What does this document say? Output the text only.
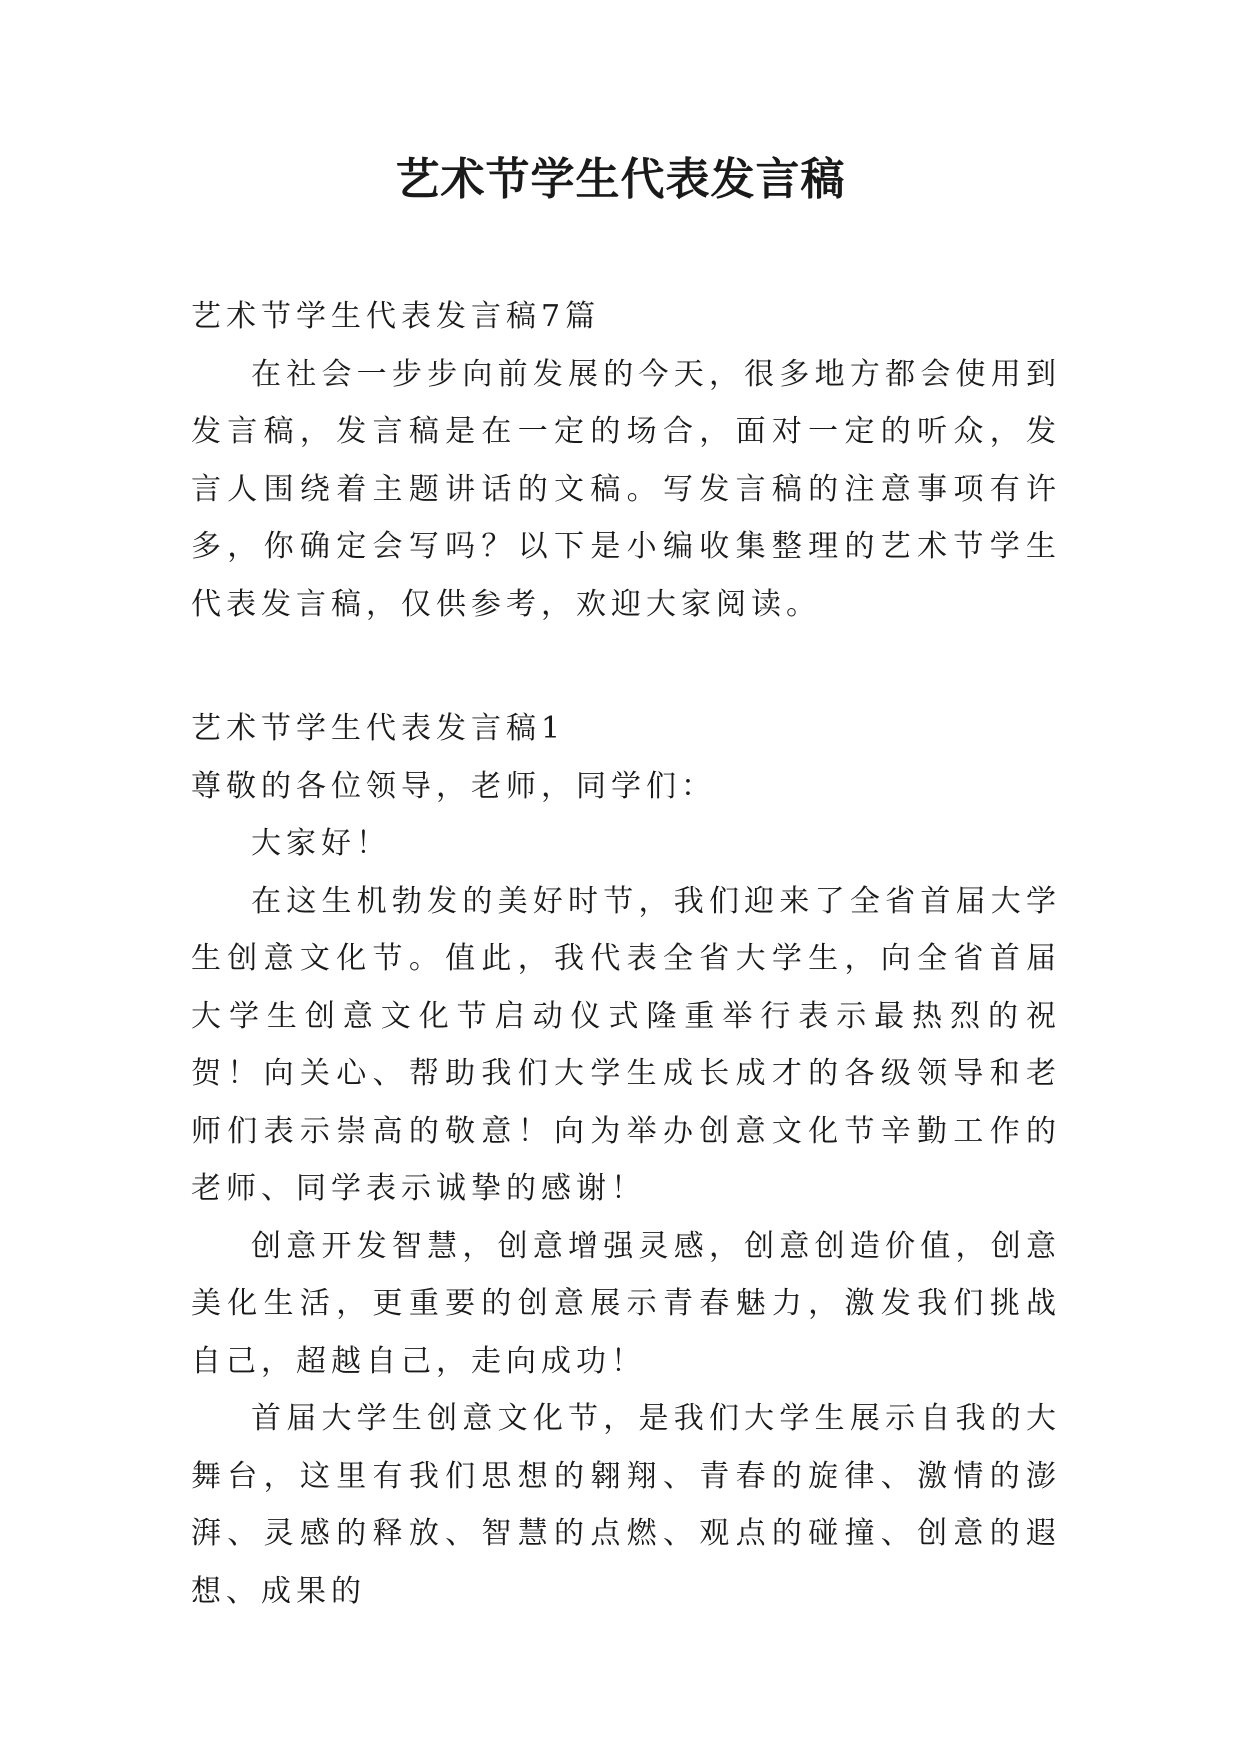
艺术节学生代表发言稿

艺术节学生代表发言稿7篇

在社会一步步向前发展的今天，很多地方都会使用到发言稿，发言稿是在一定的场合，面对一定的听众，发言人围绕着主题讲话的文稿。写发言稿的注意事项有许多，你确定会写吗？以下是小编收集整理的艺术节学生代表发言稿，仅供参考，欢迎大家阅读。

艺术节学生代表发言稿1

尊敬的各位领导，老师，同学们：

大家好！

在这生机勃发的美好时节，我们迎来了全省首届大学生创意文化节。值此，我代表全省大学生，向全省首届大学生创意文化节启动仪式隆重举行表示最热烈的祝贺！向关心、帮助我们大学生成长成才的各级领导和老师们表示崇高的敬意！向为举办创意文化节辛勤工作的老师、同学表示诚挚的感谢！

创意开发智慧，创意增强灵感，创意创造价值，创意美化生活，更重要的创意展示青春魅力，激发我们挑战自己，超越自己，走向成功！

首届大学生创意文化节，是我们大学生展示自我的大舞台，这里有我们思想的翱翔、青春的旋律、激情的澎湃、灵感的释放、智慧的点燃、观点的碰撞、创意的遐想、成果的
